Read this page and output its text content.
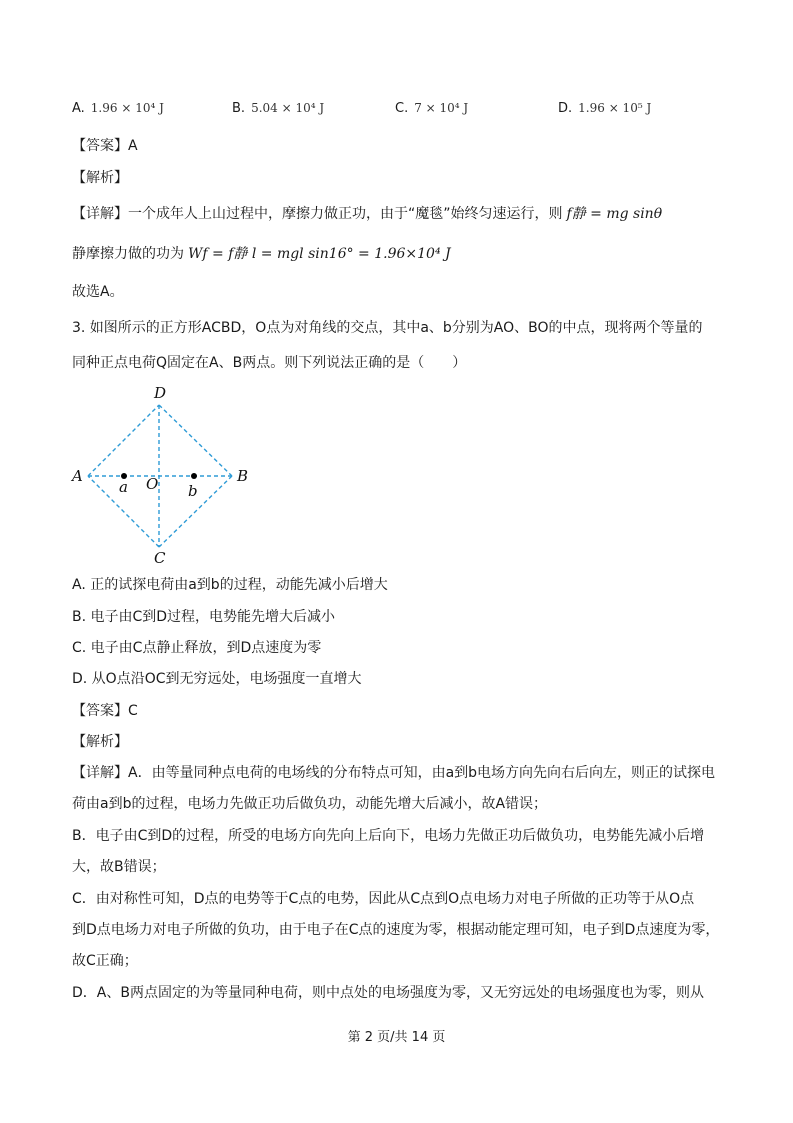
A. 1.96 × 10⁴ J	B. 5.04 × 10⁴ J	C. 7 × 10⁴ J	D. 1.96 × 10⁵ J
【答案】A
【解析】
【详解】一个成年人上山过程中，摩擦力做正功，由于“魔毯”始终匀速运行，则 f静 = mg sinθ
静摩擦力做的功为 Wf = f静 l = mgl sin16° = 1.96×10⁴ J
故选A。
3. 如图所示的正方形ACBD，O点为对角线的交点，其中a、b分别为AO、BO的中点，现将两个等量的
同种正点电荷Q固定在A、B两点。则下列说法正确的是（　　）
D
A	B
C
O
a	b
A. 正的试探电荷由a到b的过程，动能先减小后增大
B. 电子由C到D过程，电势能先增大后减小
C. 电子由C点静止释放，到D点速度为零
D. 从O点沿OC到无穷远处，电场强度一直增大
【答案】C
【解析】
【详解】A．由等量同种点电荷的电场线的分布特点可知，由a到b电场方向先向右后向左，则正的试探电
荷由a到b的过程，电场力先做正功后做负功，动能先增大后减小，故A错误；
B．电子由C到D的过程，所受的电场方向先向上后向下，电场力先做正功后做负功，电势能先减小后增
大，故B错误；
C．由对称性可知，D点的电势等于C点的电势，因此从C点到O点电场力对电子所做的正功等于从O点
到D点电场力对电子所做的负功，由于电子在C点的速度为零，根据动能定理可知，电子到D点速度为零，
故C正确；
D．A、B两点固定的为等量同种电荷，则中点处的电场强度为零，又无穷远处的电场强度也为零，则从
第 2 页/共 14 页
